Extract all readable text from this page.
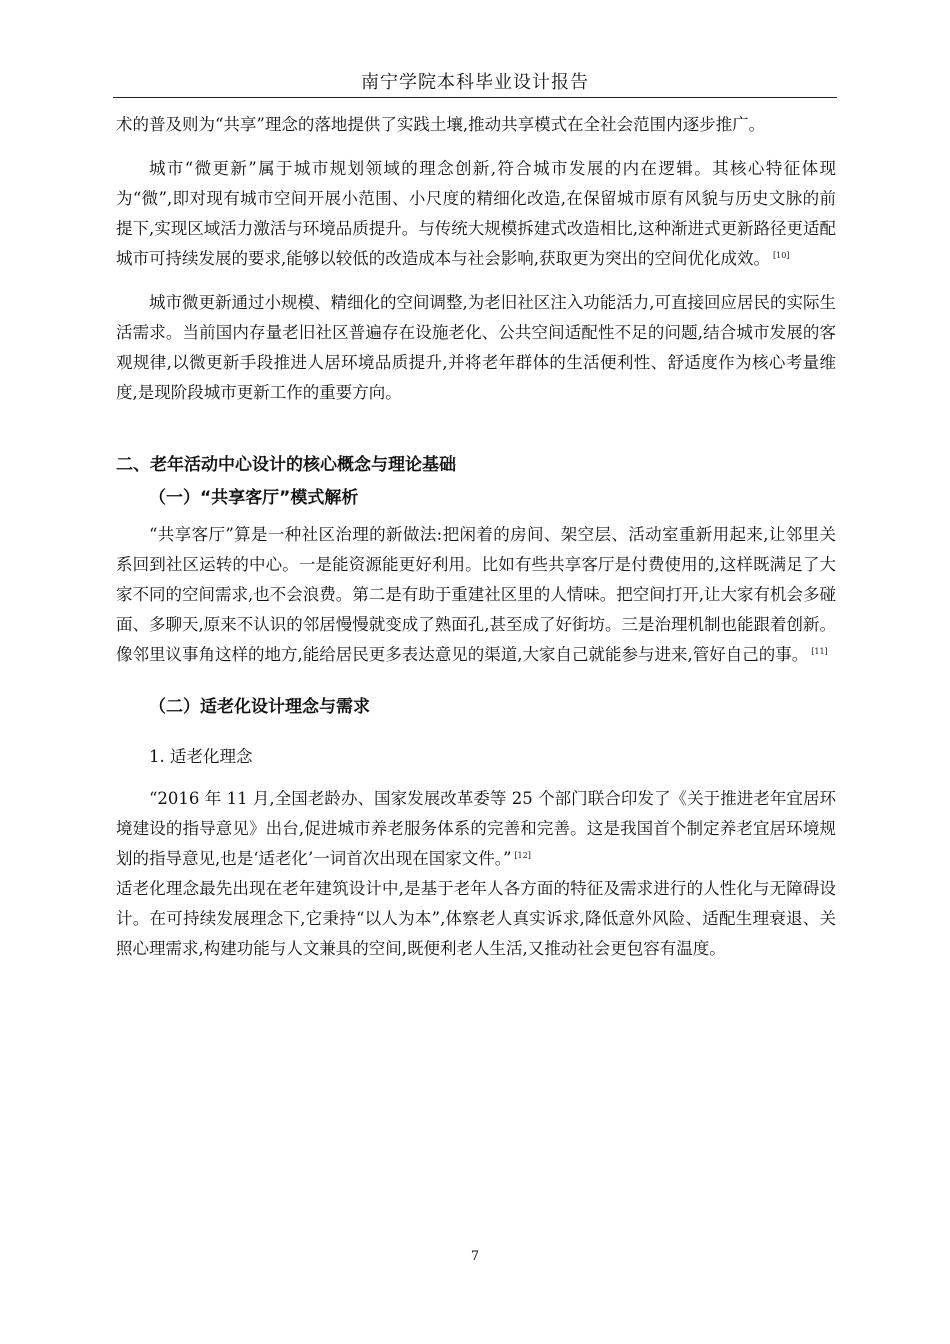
南宁学院本科毕业设计报告

术的普及则为“共享”理念的落地提供了实践土壤,推动共享模式在全社会范围内逐步推广。

城市“微更新”属于城市规划领域的理念创新,符合城市发展的内在逻辑。其核心特征体现为“微”,即对现有城市空间开展小范围、小尺度的精细化改造,在保留城市原有风貌与历史文脉的前提下,实现区域活力激活与环境品质提升。与传统大规模拆建式改造相比,这种渐进式更新路径更适配城市可持续发展的要求,能够以较低的改造成本与社会影响,获取更为突出的空间优化成效。 [10]

城市微更新通过小规模、精细化的空间调整,为老旧社区注入功能活力,可直接回应居民的实际生活需求。当前国内存量老旧社区普遍存在设施老化、公共空间适配性不足的问题,结合城市发展的客观规律,以微更新手段推进人居环境品质提升,并将老年群体的生活便利性、舒适度作为核心考量维度,是现阶段城市更新工作的重要方向。

二、老年活动中心设计的核心概念与理论基础

（一）“共享客厅”模式解析

“共享客厅”算是一种社区治理的新做法:把闲着的房间、架空层、活动室重新用起来,让邻里关系回到社区运转的中心。一是能资源能更好利用。比如有些共享客厅是付费使用的,这样既满足了大家不同的空间需求,也不会浪费。第二是有助于重建社区里的人情味。把空间打开,让大家有机会多碰面、多聊天,原来不认识的邻居慢慢就变成了熟面孔,甚至成了好街坊。三是治理机制也能跟着创新。像邻里议事角这样的地方,能给居民更多表达意见的渠道,大家自己就能参与进来,管好自己的事。 [11]

（二）适老化设计理念与需求

1. 适老化理念

“2016 年 11 月,全国老龄办、国家发展改革委等 25 个部门联合印发了《关于推进老年宜居环境建设的指导意见》出台,促进城市养老服务体系的完善和完善。这是我国首个制定养老宜居环境规划的指导意见,也是‘适老化’一词首次出现在国家文件。” [12]

适老化理念最先出现在老年建筑设计中,是基于老年人各方面的特征及需求进行的人性化与无障碍设计。在可持续发展理念下,它秉持“以人为本”,体察老人真实诉求,降低意外风险、适配生理衰退、关照心理需求,构建功能与人文兼具的空间,既便利老人生活,又推动社会更包容有温度。

7
